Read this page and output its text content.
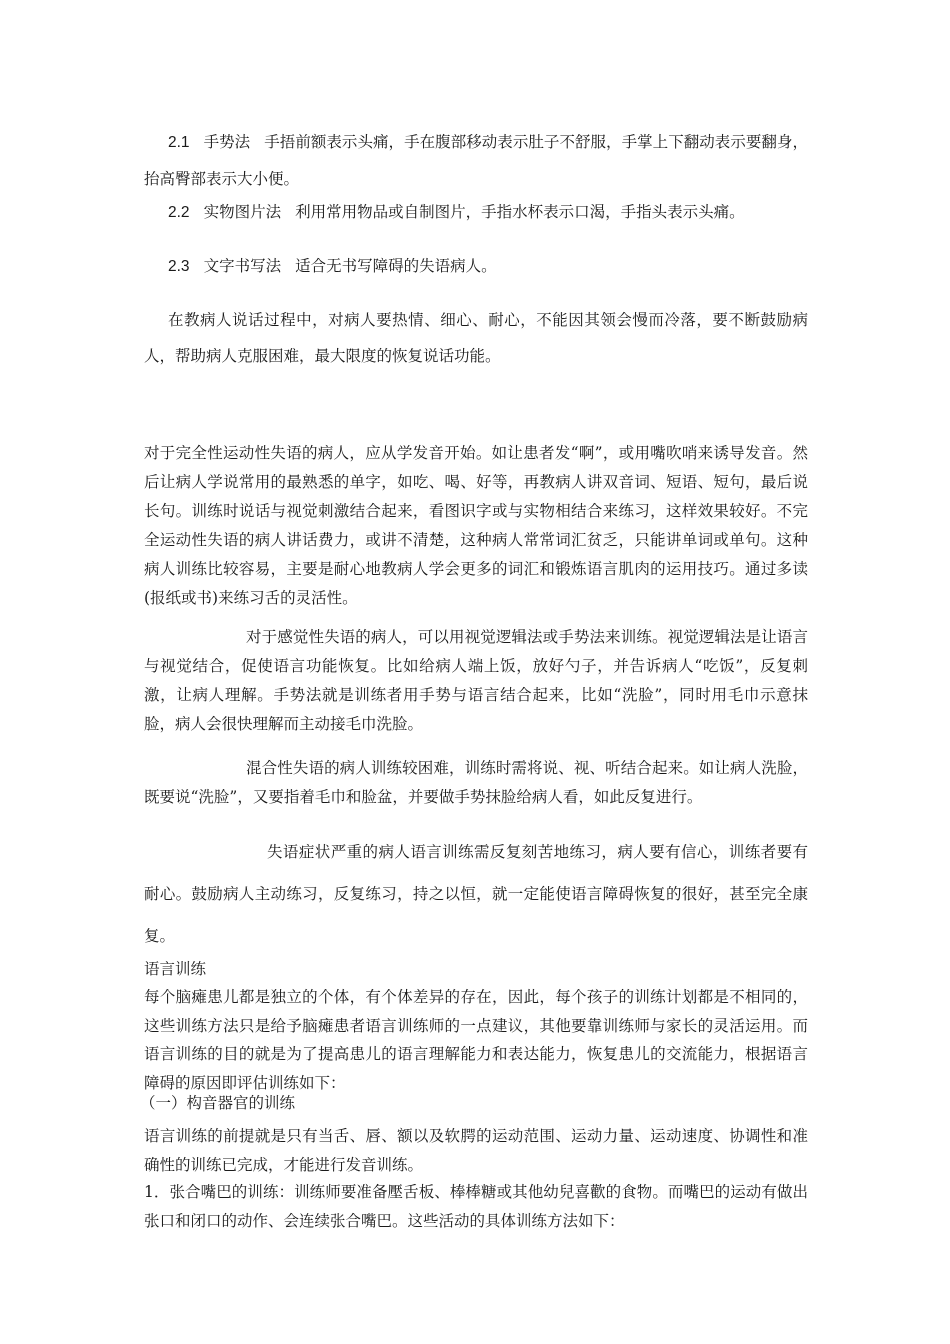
2.1 手势法 手捂前额表示头痛，手在腹部移动表示肚子不舒服，手掌上下翻动表示要翻身，抬高臀部表示大小便。

2.2 实物图片法 利用常用物品或自制图片，手指水杯表示口渴，手指头表示头痛。

2.3 文字书写法 适合无书写障碍的失语病人。

在教病人说话过程中，对病人要热情、细心、耐心，不能因其领会慢而冷落，要不断鼓励病人，帮助病人克服困难，最大限度的恢复说话功能。

对于完全性运动性失语的病人，应从学发音开始。如让患者发“啊”，或用嘴吹哨来诱导发音。然后让病人学说常用的最熟悉的单字，如吃、喝、好等，再教病人讲双音词、短语、短句，最后说长句。训练时说话与视觉刺激结合起来，看图识字或与实物相结合来练习，这样效果较好。不完全运动性失语的病人讲话费力，或讲不清楚，这种病人常常词汇贫乏，只能讲单词或单句。这种病人训练比较容易，主要是耐心地教病人学会更多的词汇和锻炼语言肌肉的运用技巧。通过多读(报纸或书)来练习舌的灵活性。

对于感觉性失语的病人，可以用视觉逻辑法或手势法来训练。视觉逻辑法是让语言与视觉结合，促使语言功能恢复。比如给病人端上饭，放好勺子，并告诉病人“吃饭”，反复刺激，让病人理解。手势法就是训练者用手势与语言结合起来，比如“洗脸”，同时用毛巾示意抹脸，病人会很快理解而主动接毛巾洗脸。

混合性失语的病人训练较困难，训练时需将说、视、听结合起来。如让病人洗脸，既要说“洗脸”，又要指着毛巾和脸盆，并要做手势抹脸给病人看，如此反复进行。

失语症状严重的病人语言训练需反复刻苦地练习，病人要有信心，训练者要有耐心。鼓励病人主动练习，反复练习，持之以恒，就一定能使语言障碍恢复的很好，甚至完全康复。

语言训练

每个脑瘫患儿都是独立的个体，有个体差异的存在，因此，每个孩子的训练计划都是不相同的，这些训练方法只是给予脑瘫患者语言训练师的一点建议，其他要靠训练师与家长的灵活运用。而语言训练的目的就是为了提高患儿的语言理解能力和表达能力，恢复患儿的交流能力，根据语言障碍的原因即评估训练如下：

（一）构音器官的训练

语言训练的前提就是只有当舌、唇、额以及软腭的运动范围、运动力量、运动速度、协调性和准确性的训练已完成，才能进行发音训练。

1．张合嘴巴的训练：训练师要准备壓舌板、棒棒糖或其他幼兒喜歡的食物。而嘴巴的运动有做出张口和闭口的动作、会连续张合嘴巴。这些活动的具体训练方法如下：
